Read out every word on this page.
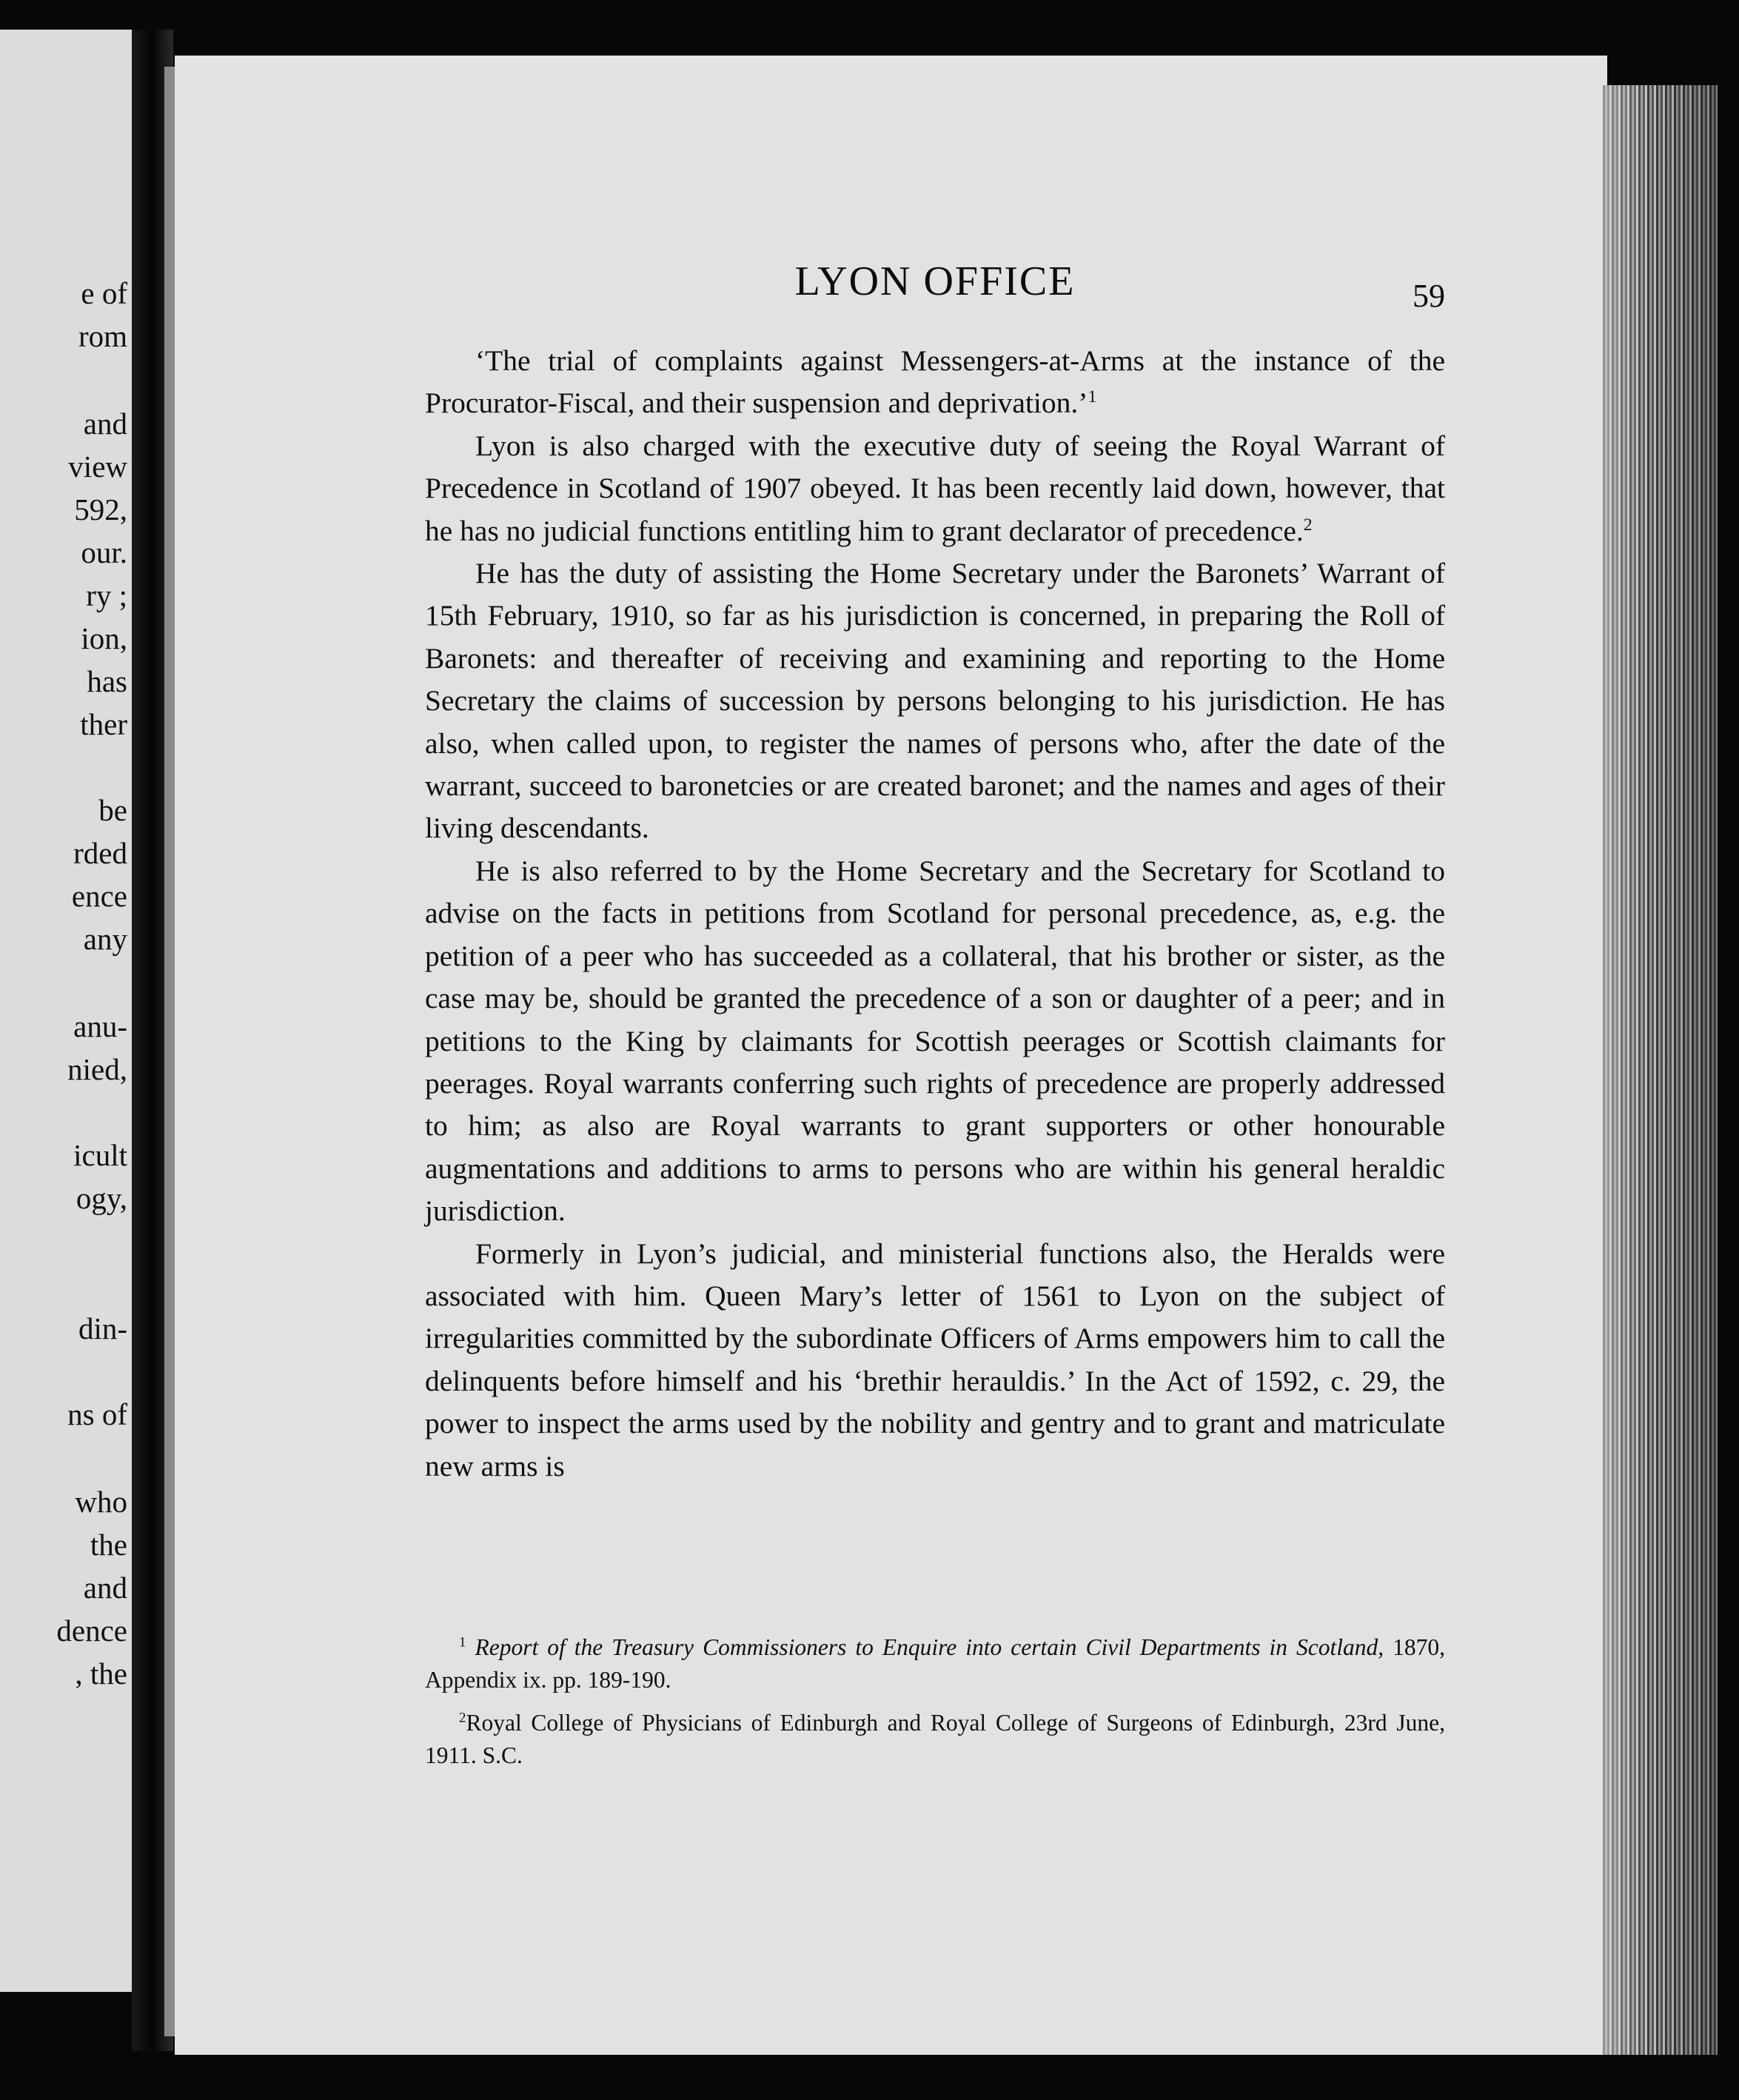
e of
rom
and
view
592,
our.
ry ;
ion,
has
ther
be
rded
ence
any
anu-
nied,
icult
ogy,
din-
ns of
who
the
and
dence
, the
LYON OFFICE	59

‘The trial of complaints against Messengers-at-Arms at the instance of the Procurator-Fiscal, and their suspension and deprivation.’$^1$

Lyon is also charged with the executive duty of seeing the Royal Warrant of Precedence in Scotland of 1907 obeyed. It has been recently laid down, however, that he has no judicial functions entitling him to grant declarator of precedence.$^2$

He has the duty of assisting the Home Secretary under the Baronets’ Warrant of 15th February, 1910, so far as his jurisdiction is concerned, in preparing the Roll of Baronets: and thereafter of receiving and examining and reporting to the Home Secretary the claims of succession by persons belonging to his jurisdiction. He has also, when called upon, to register the names of persons who, after the date of the warrant, succeed to baronetcies or are created baronet; and the names and ages of their living descendants.

He is also referred to by the Home Secretary and the Secretary for Scotland to advise on the facts in petitions from Scotland for personal precedence, as, e.g. the petition of a peer who has succeeded as a collateral, that his brother or sister, as the case may be, should be granted the precedence of a son or daughter of a peer; and in petitions to the King by claimants for Scottish peerages or Scottish claimants for peerages. Royal warrants conferring such rights of precedence are properly addressed to him; as also are Royal warrants to grant supporters or other honourable augmentations and additions to arms to persons who are within his general heraldic jurisdiction.

Formerly in Lyon’s judicial, and ministerial functions also, the Heralds were associated with him. Queen Mary’s letter of 1561 to Lyon on the subject of irregularities committed by the subordinate Officers of Arms empowers him to call the delinquents before himself and his ‘brethir herauldis.’ In the Act of 1592, c. 29, the power to inspect the arms used by the nobility and gentry and to grant and matriculate new arms is

$^1$ Report of the Treasury Commissioners to Enquire into certain Civil Departments in Scotland, 1870, Appendix ix. pp. 189-190.

$^2$Royal College of Physicians of Edinburgh and Royal College of Surgeons of Edinburgh, 23rd June, 1911. S.C.
